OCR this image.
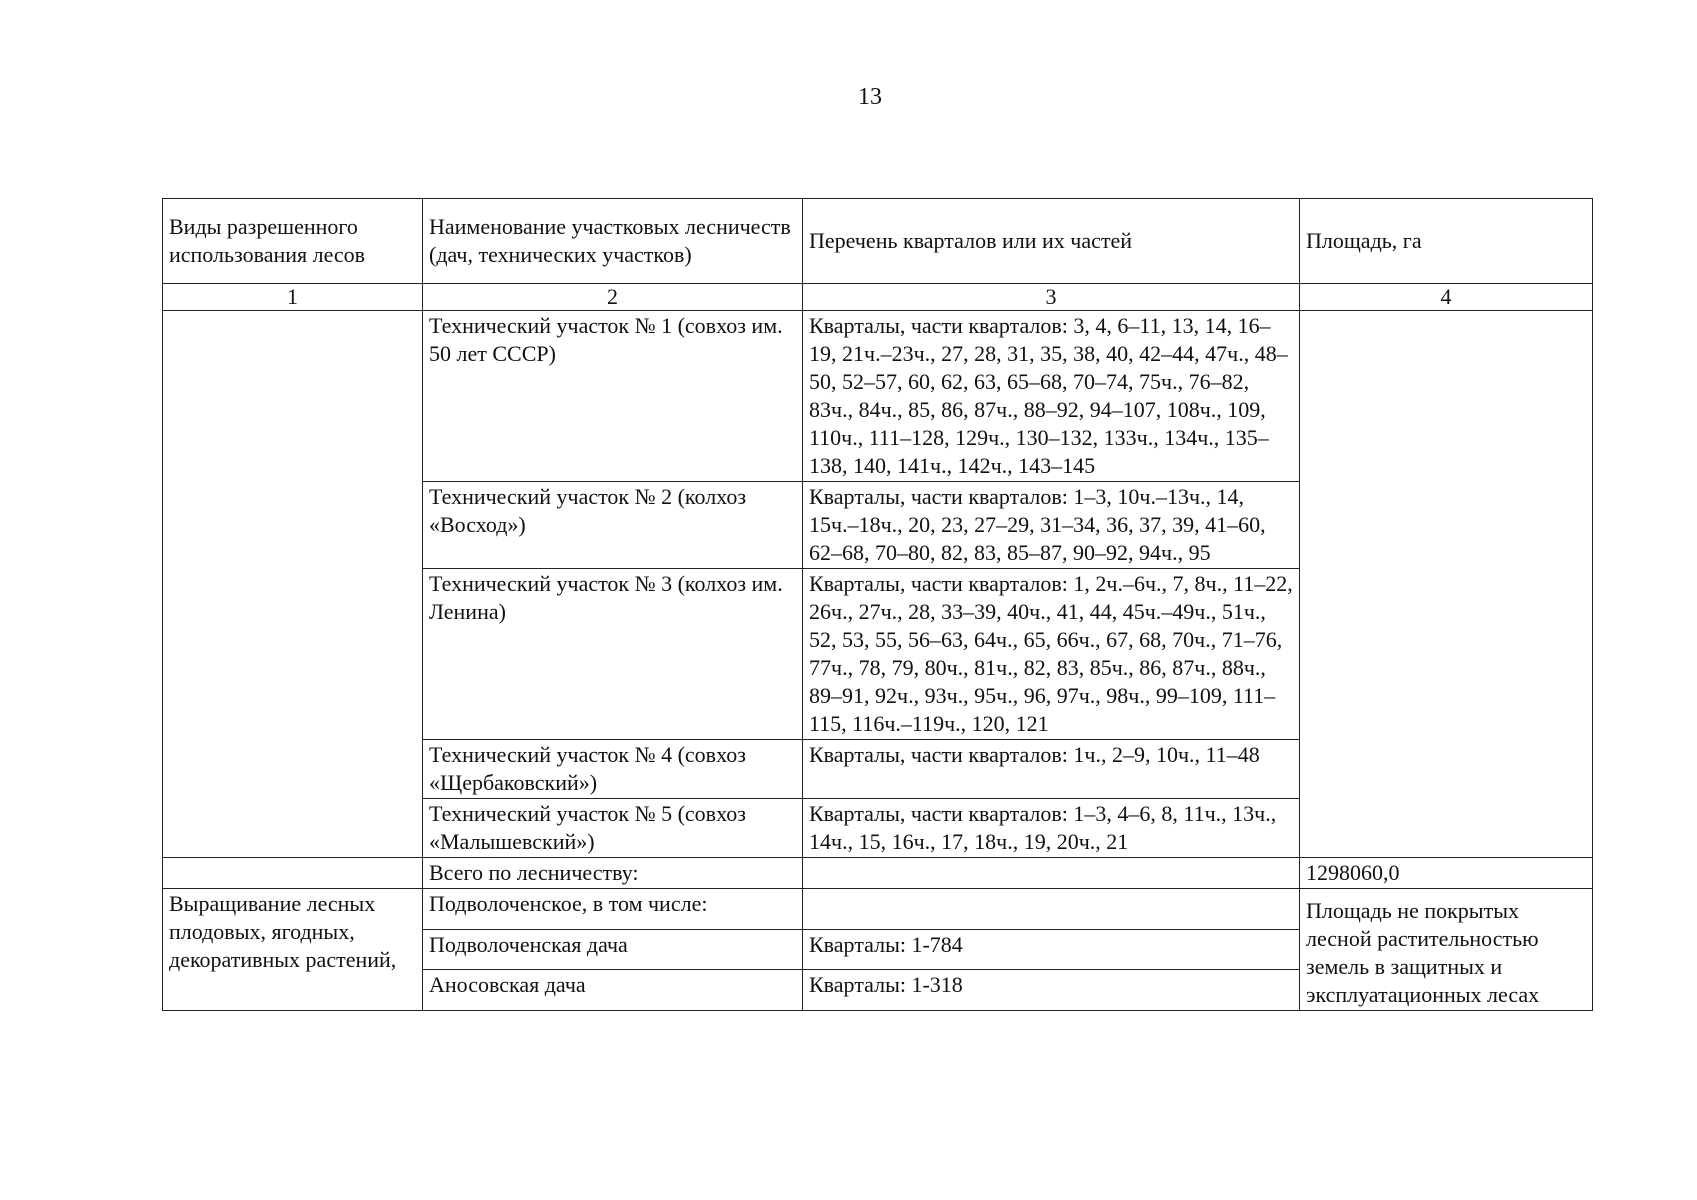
13
Виды разрешенного использования лесов	Наименование участковых лесничеств (дач, технических участков)	Перечень кварталов или их частей	Площадь, га
1	2	3	4
	Технический участок № 1 (совхоз им. 50 лет СССР)	Кварталы, части кварталов: 3, 4, 6–11, 13, 14, 16–19, 21ч.–23ч., 27, 28, 31, 35, 38, 40, 42–44, 47ч., 48–50, 52–57, 60, 62, 63, 65–68, 70–74, 75ч., 76–82, 83ч., 84ч., 85, 86, 87ч., 88–92, 94–107, 108ч., 109, 110ч., 111–128, 129ч., 130–132, 133ч., 134ч., 135–138, 140, 141ч., 142ч., 143–145	
	Технический участок № 2 (колхоз «Восход»)	Кварталы, части кварталов: 1–3, 10ч.–13ч., 14, 15ч.–18ч., 20, 23, 27–29, 31–34, 36, 37, 39, 41–60, 62–68, 70–80, 82, 83, 85–87, 90–92, 94ч., 95	
	Технический участок № 3 (колхоз им. Ленина)	Кварталы, части кварталов: 1, 2ч.–6ч., 7, 8ч., 11–22, 26ч., 27ч., 28, 33–39, 40ч., 41, 44, 45ч.–49ч., 51ч., 52, 53, 55, 56–63, 64ч., 65, 66ч., 67, 68, 70ч., 71–76, 77ч., 78, 79, 80ч., 81ч., 82, 83, 85ч., 86, 87ч., 88ч., 89–91, 92ч., 93ч., 95ч., 96, 97ч., 98ч., 99–109, 111–115, 116ч.–119ч., 120, 121	
	Технический участок № 4 (совхоз «Щербаковский»)	Кварталы, части кварталов: 1ч., 2–9, 10ч., 11–48	
	Технический участок № 5 (совхоз «Малышевский»)	Кварталы, части кварталов: 1–3, 4–6, 8, 11ч., 13ч., 14ч., 15, 16ч., 17, 18ч., 19, 20ч., 21	
	Всего по лесничеству:		1298060,0
Выращивание лесных плодовых, ягодных, декоративных растений,	Подволоченское, в том числе:		Площадь не покрытых лесной растительностью земель в защитных и эксплуатационных лесах
	Подволоченская дача	Кварталы: 1-784	
	Аносовская дача	Кварталы: 1-318	
